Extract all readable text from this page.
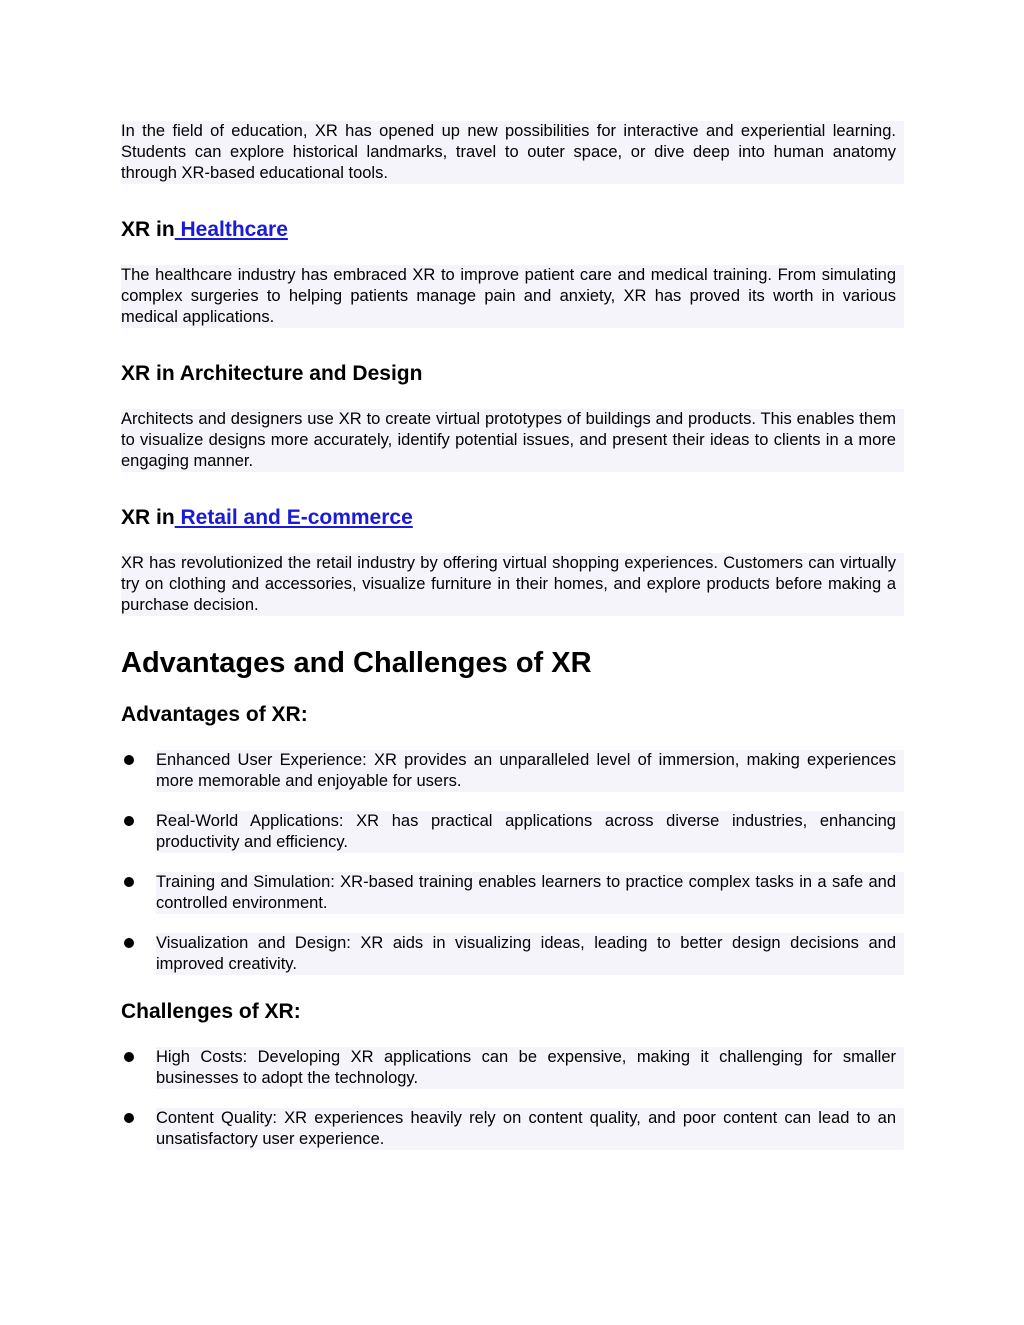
In the field of education, XR has opened up new possibilities for interactive and experiential learning. Students can explore historical landmarks, travel to outer space, or dive deep into human anatomy through XR-based educational tools.

XR in Healthcare

The healthcare industry has embraced XR to improve patient care and medical training. From simulating complex surgeries to helping patients manage pain and anxiety, XR has proved its worth in various medical applications.

XR in Architecture and Design

Architects and designers use XR to create virtual prototypes of buildings and products. This enables them to visualize designs more accurately, identify potential issues, and present their ideas to clients in a more engaging manner.

XR in Retail and E-commerce

XR has revolutionized the retail industry by offering virtual shopping experiences. Customers can virtually try on clothing and accessories, visualize furniture in their homes, and explore products before making a purchase decision.

Advantages and Challenges of XR
Advantages of XR:
Enhanced User Experience: XR provides an unparalleled level of immersion, making experiences more memorable and enjoyable for users.
Real-World Applications: XR has practical applications across diverse industries, enhancing productivity and efficiency.
Training and Simulation: XR-based training enables learners to practice complex tasks in a safe and controlled environment.
Visualization and Design: XR aids in visualizing ideas, leading to better design decisions and improved creativity.
Challenges of XR:
High Costs: Developing XR applications can be expensive, making it challenging for smaller businesses to adopt the technology.
Content Quality: XR experiences heavily rely on content quality, and poor content can lead to an unsatisfactory user experience.
